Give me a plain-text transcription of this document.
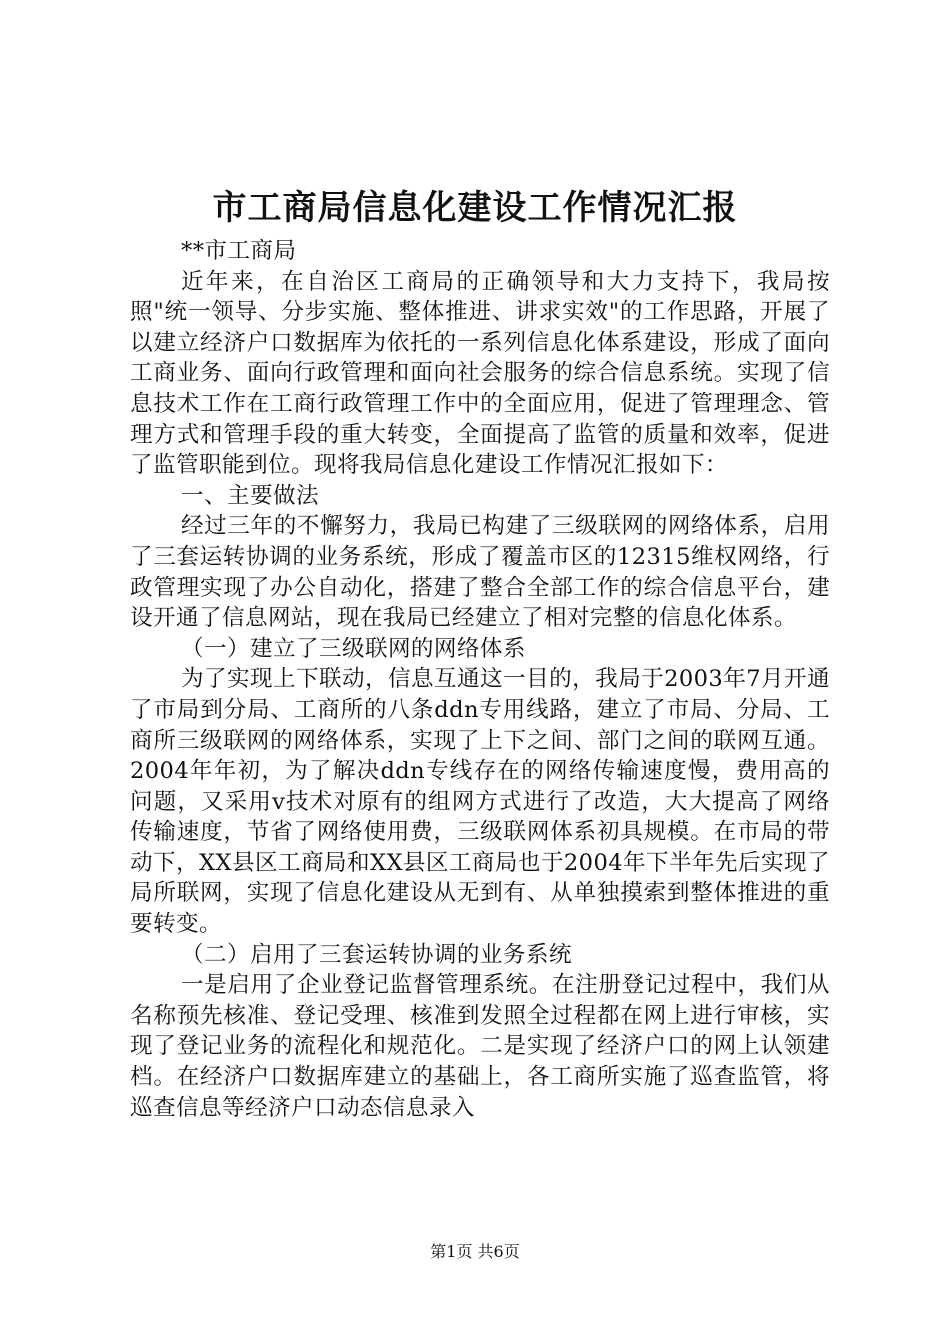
市工商局信息化建设工作情况汇报

**市工商局

近年来，在自治区工商局的正确领导和大力支持下，我局按照"统一领导、分步实施、整体推进、讲求实效"的工作思路，开展了以建立经济户口数据库为依托的一系列信息化体系建设，形成了面向工商业务、面向行政管理和面向社会服务的综合信息系统。实现了信息技术工作在工商行政管理工作中的全面应用，促进了管理理念、管理方式和管理手段的重大转变，全面提高了监管的质量和效率，促进了监管职能到位。现将我局信息化建设工作情况汇报如下：

一、主要做法

经过三年的不懈努力，我局已构建了三级联网的网络体系，启用了三套运转协调的业务系统，形成了覆盖市区的12315维权网络，行政管理实现了办公自动化，搭建了整合全部工作的综合信息平台，建设开通了信息网站，现在我局已经建立了相对完整的信息化体系。

（一）建立了三级联网的网络体系

为了实现上下联动，信息互通这一目的，我局于2003年7月开通了市局到分局、工商所的八条ddn专用线路，建立了市局、分局、工商所三级联网的网络体系，实现了上下之间、部门之间的联网互通。2004年年初，为了解决ddn专线存在的网络传输速度慢，费用高的问题，又采用v技术对原有的组网方式进行了改造，大大提高了网络传输速度，节省了网络使用费，三级联网体系初具规模。在市局的带动下，XX县区工商局和XX县区工商局也于2004年下半年先后实现了局所联网，实现了信息化建设从无到有、从单独摸索到整体推进的重要转变。

（二）启用了三套运转协调的业务系统

一是启用了企业登记监督管理系统。在注册登记过程中，我们从名称预先核准、登记受理、核准到发照全过程都在网上进行审核，实现了登记业务的流程化和规范化。二是实现了经济户口的网上认领建档。在经济户口数据库建立的基础上，各工商所实施了巡查监管，将巡查信息等经济户口动态信息录入

第1页 共6页
